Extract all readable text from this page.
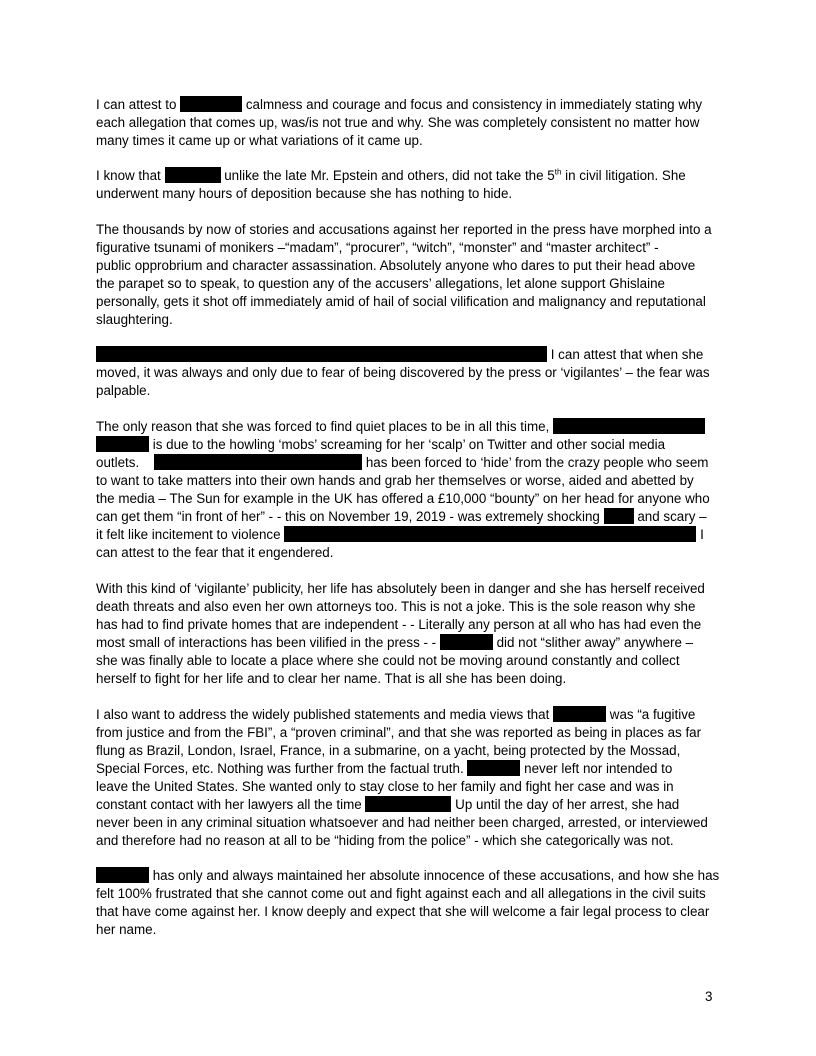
I can attest to	calmness and courage and focus and consistency in immediately stating why
each allegation that comes up, was/is not true and why. She was completely consistent no matter how
many times it came up or what variations of it came up.
I know that	unlike the late Mr. Epstein and others, did not take the 5th in civil litigation. She
underwent many hours of deposition because she has nothing to hide.
The thousands by now of stories and accusations against her reported in the press have morphed into a
figurative tsunami of monikers –“madam”, “procurer”, “witch”, “monster” and “master architect” -
public opprobrium and character assassination. Absolutely anyone who dares to put their head above
the parapet so to speak, to question any of the accusers’ allegations, let alone support Ghislaine
personally, gets it shot off immediately amid of hail of social vilification and malignancy and reputational
slaughtering.
I can attest that when she
moved, it was always and only due to fear of being discovered by the press or ‘vigilantes’ – the fear was
palpable.
The only reason that she was forced to find quiet places to be in all this time,
is due to the howling ‘mobs’ screaming for her ‘scalp’ on Twitter and other social media
outlets.	has been forced to ‘hide’ from the crazy people who seem
to want to take matters into their own hands and grab her themselves or worse, aided and abetted by
the media – The Sun for example in the UK has offered a £10,000 “bounty” on her head for anyone who
can get them “in front of her” - - this on November 19, 2019 - was extremely shocking	and scary –
it felt like incitement to violence	I
can attest to the fear that it engendered.
With this kind of ‘vigilante’ publicity, her life has absolutely been in danger and she has herself received
death threats and also even her own attorneys too. This is not a joke. This is the sole reason why she
has had to find private homes that are independent - - Literally any person at all who has had even the
most small of interactions has been vilified in the press - -	did not “slither away” anywhere –
she was finally able to locate a place where she could not be moving around constantly and collect
herself to fight for her life and to clear her name. That is all she has been doing.
I also want to address the widely published statements and media views that	was “a fugitive
from justice and from the FBI”, a “proven criminal”, and that she was reported as being in places as far
flung as Brazil, London, Israel, France, in a submarine, on a yacht, being protected by the Mossad,
Special Forces, etc. Nothing was further from the factual truth.	never left nor intended to
leave the United States. She wanted only to stay close to her family and fight her case and was in
constant contact with her lawyers all the time	Up until the day of her arrest, she had
never been in any criminal situation whatsoever and had neither been charged, arrested, or interviewed
and therefore had no reason at all to be “hiding from the police” - which she categorically was not.
has only and always maintained her absolute innocence of these accusations, and how she has
felt 100% frustrated that she cannot come out and fight against each and all allegations in the civil suits
that have come against her. I know deeply and expect that she will welcome a fair legal process to clear
her name.
3
